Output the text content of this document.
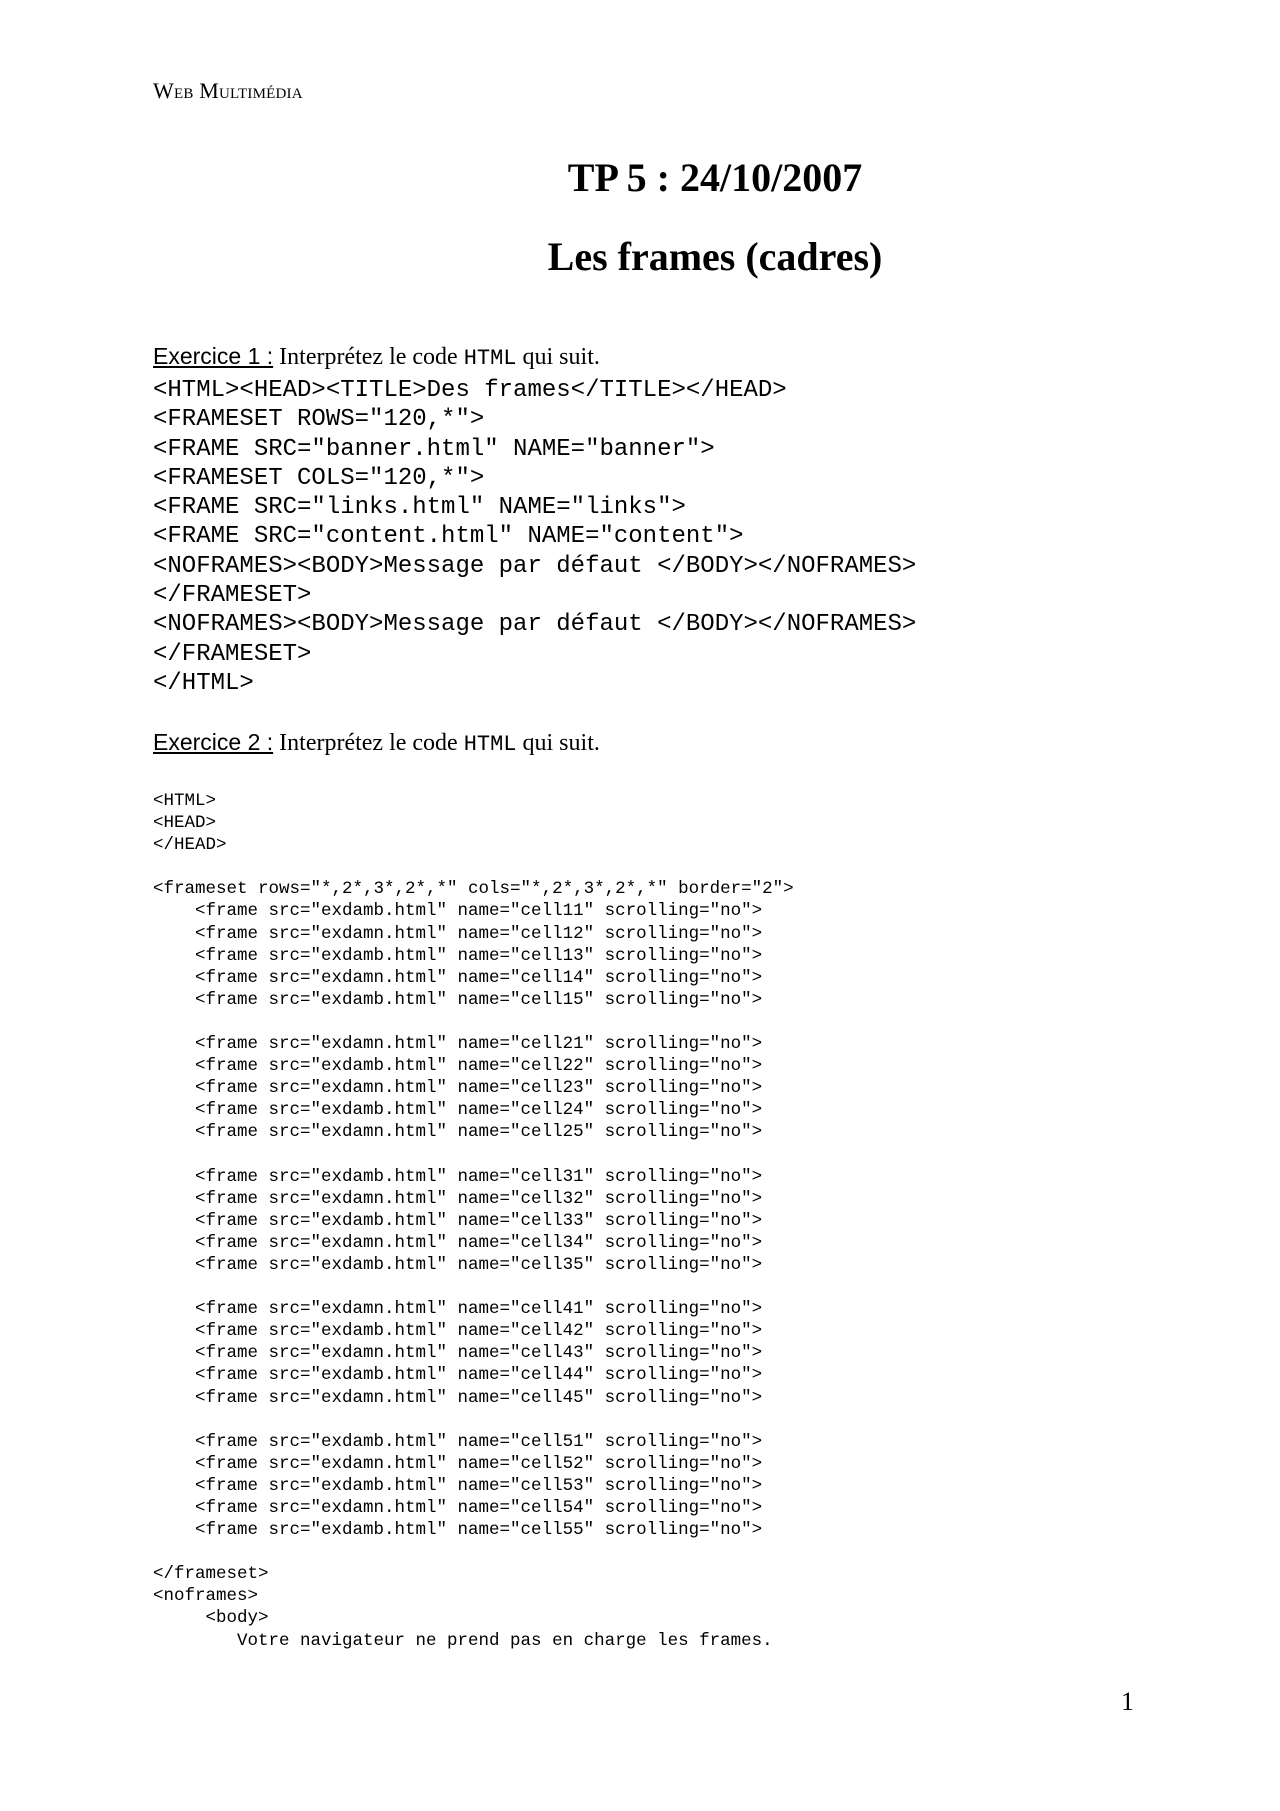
Web Multimédia
TP 5 : 24/10/2007
Les frames (cadres)
Exercice 1 : Interprétez le code HTML qui suit.
<HTML><HEAD><TITLE>Des frames</TITLE></HEAD>
<FRAMESET ROWS="120,*">
<FRAME SRC="banner.html" NAME="banner">
<FRAMESET COLS="120,*">
<FRAME SRC="links.html" NAME="links">
<FRAME SRC="content.html" NAME="content">
<NOFRAMES><BODY>Message par défaut </BODY></NOFRAMES>
</FRAMESET>
<NOFRAMES><BODY>Message par défaut </BODY></NOFRAMES>
</FRAMESET>
</HTML>
Exercice 2 : Interprétez le code HTML qui suit.
<HTML>
<HEAD>
</HEAD>
<frameset rows="*,2*,3*,2*,*" cols="*,2*,3*,2*,*" border="2">
<frame src="exdamb.html" name="cell11" scrolling="no">
<frame src="exdamn.html" name="cell12" scrolling="no">
<frame src="exdamb.html" name="cell13" scrolling="no">
<frame src="exdamn.html" name="cell14" scrolling="no">
<frame src="exdamb.html" name="cell15" scrolling="no">
<frame src="exdamn.html" name="cell21" scrolling="no">
<frame src="exdamb.html" name="cell22" scrolling="no">
<frame src="exdamn.html" name="cell23" scrolling="no">
<frame src="exdamb.html" name="cell24" scrolling="no">
<frame src="exdamn.html" name="cell25" scrolling="no">
<frame src="exdamb.html" name="cell31" scrolling="no">
<frame src="exdamn.html" name="cell32" scrolling="no">
<frame src="exdamb.html" name="cell33" scrolling="no">
<frame src="exdamn.html" name="cell34" scrolling="no">
<frame src="exdamb.html" name="cell35" scrolling="no">
<frame src="exdamn.html" name="cell41" scrolling="no">
<frame src="exdamb.html" name="cell42" scrolling="no">
<frame src="exdamn.html" name="cell43" scrolling="no">
<frame src="exdamb.html" name="cell44" scrolling="no">
<frame src="exdamn.html" name="cell45" scrolling="no">
<frame src="exdamb.html" name="cell51" scrolling="no">
<frame src="exdamn.html" name="cell52" scrolling="no">
<frame src="exdamb.html" name="cell53" scrolling="no">
<frame src="exdamn.html" name="cell54" scrolling="no">
<frame src="exdamb.html" name="cell55" scrolling="no">
</frameset>
<noframes>
<body>
Votre navigateur ne prend pas en charge les frames.
1
